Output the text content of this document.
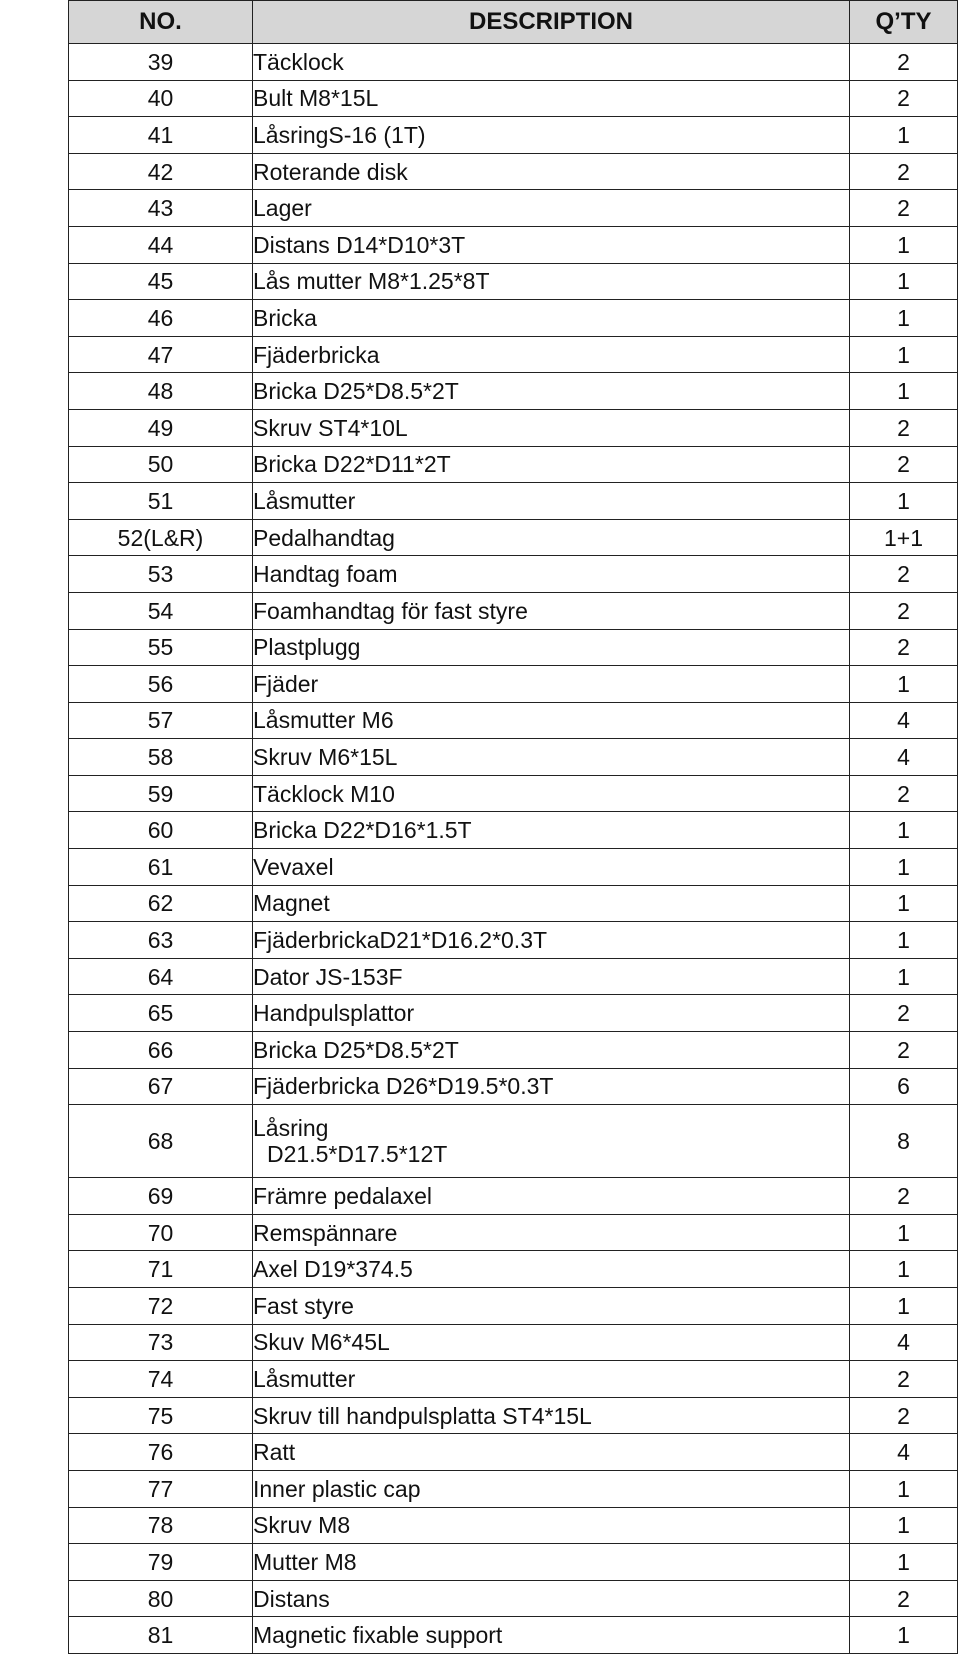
NO.	DESCRIPTION	Q’TY
39	Täcklock	2
40	Bult M8*15L	2
41	LåsringS-16 (1T)	1
42	Roterande disk	2
43	Lager	2
44	Distans D14*D10*3T	1
45	Lås mutter M8*1.25*8T	1
46	Bricka	1
47	Fjäderbricka	1
48	Bricka D25*D8.5*2T	1
49	Skruv ST4*10L	2
50	Bricka D22*D11*2T	2
51	Låsmutter	1
52(L&R)	Pedalhandtag	1+1
53	Handtag foam	2
54	Foamhandtag för fast styre	2
55	Plastplugg	2
56	Fjäder	1
57	Låsmutter M6	4
58	Skruv M6*15L	4
59	Täcklock M10	2
60	Bricka D22*D16*1.5T	1
61	Vevaxel	1
62	Magnet	1
63	FjäderbrickaD21*D16.2*0.3T	1
64	Dator JS-153F	1
65	Handpulsplattor	2
66	Bricka D25*D8.5*2T	2
67	Fjäderbricka D26*D19.5*0.3T	6
68	Låsring
D21.5*D17.5*12T	8
69	Främre pedalaxel	2
70	Remspännare	1
71	Axel D19*374.5	1
72	Fast styre	1
73	Skuv M6*45L	4
74	Låsmutter	2
75	Skruv till handpulsplatta ST4*15L	2
76	Ratt	4
77	Inner plastic cap	1
78	Skruv M8	1
79	Mutter M8	1
80	Distans	2
81	Magnetic fixable support	1
